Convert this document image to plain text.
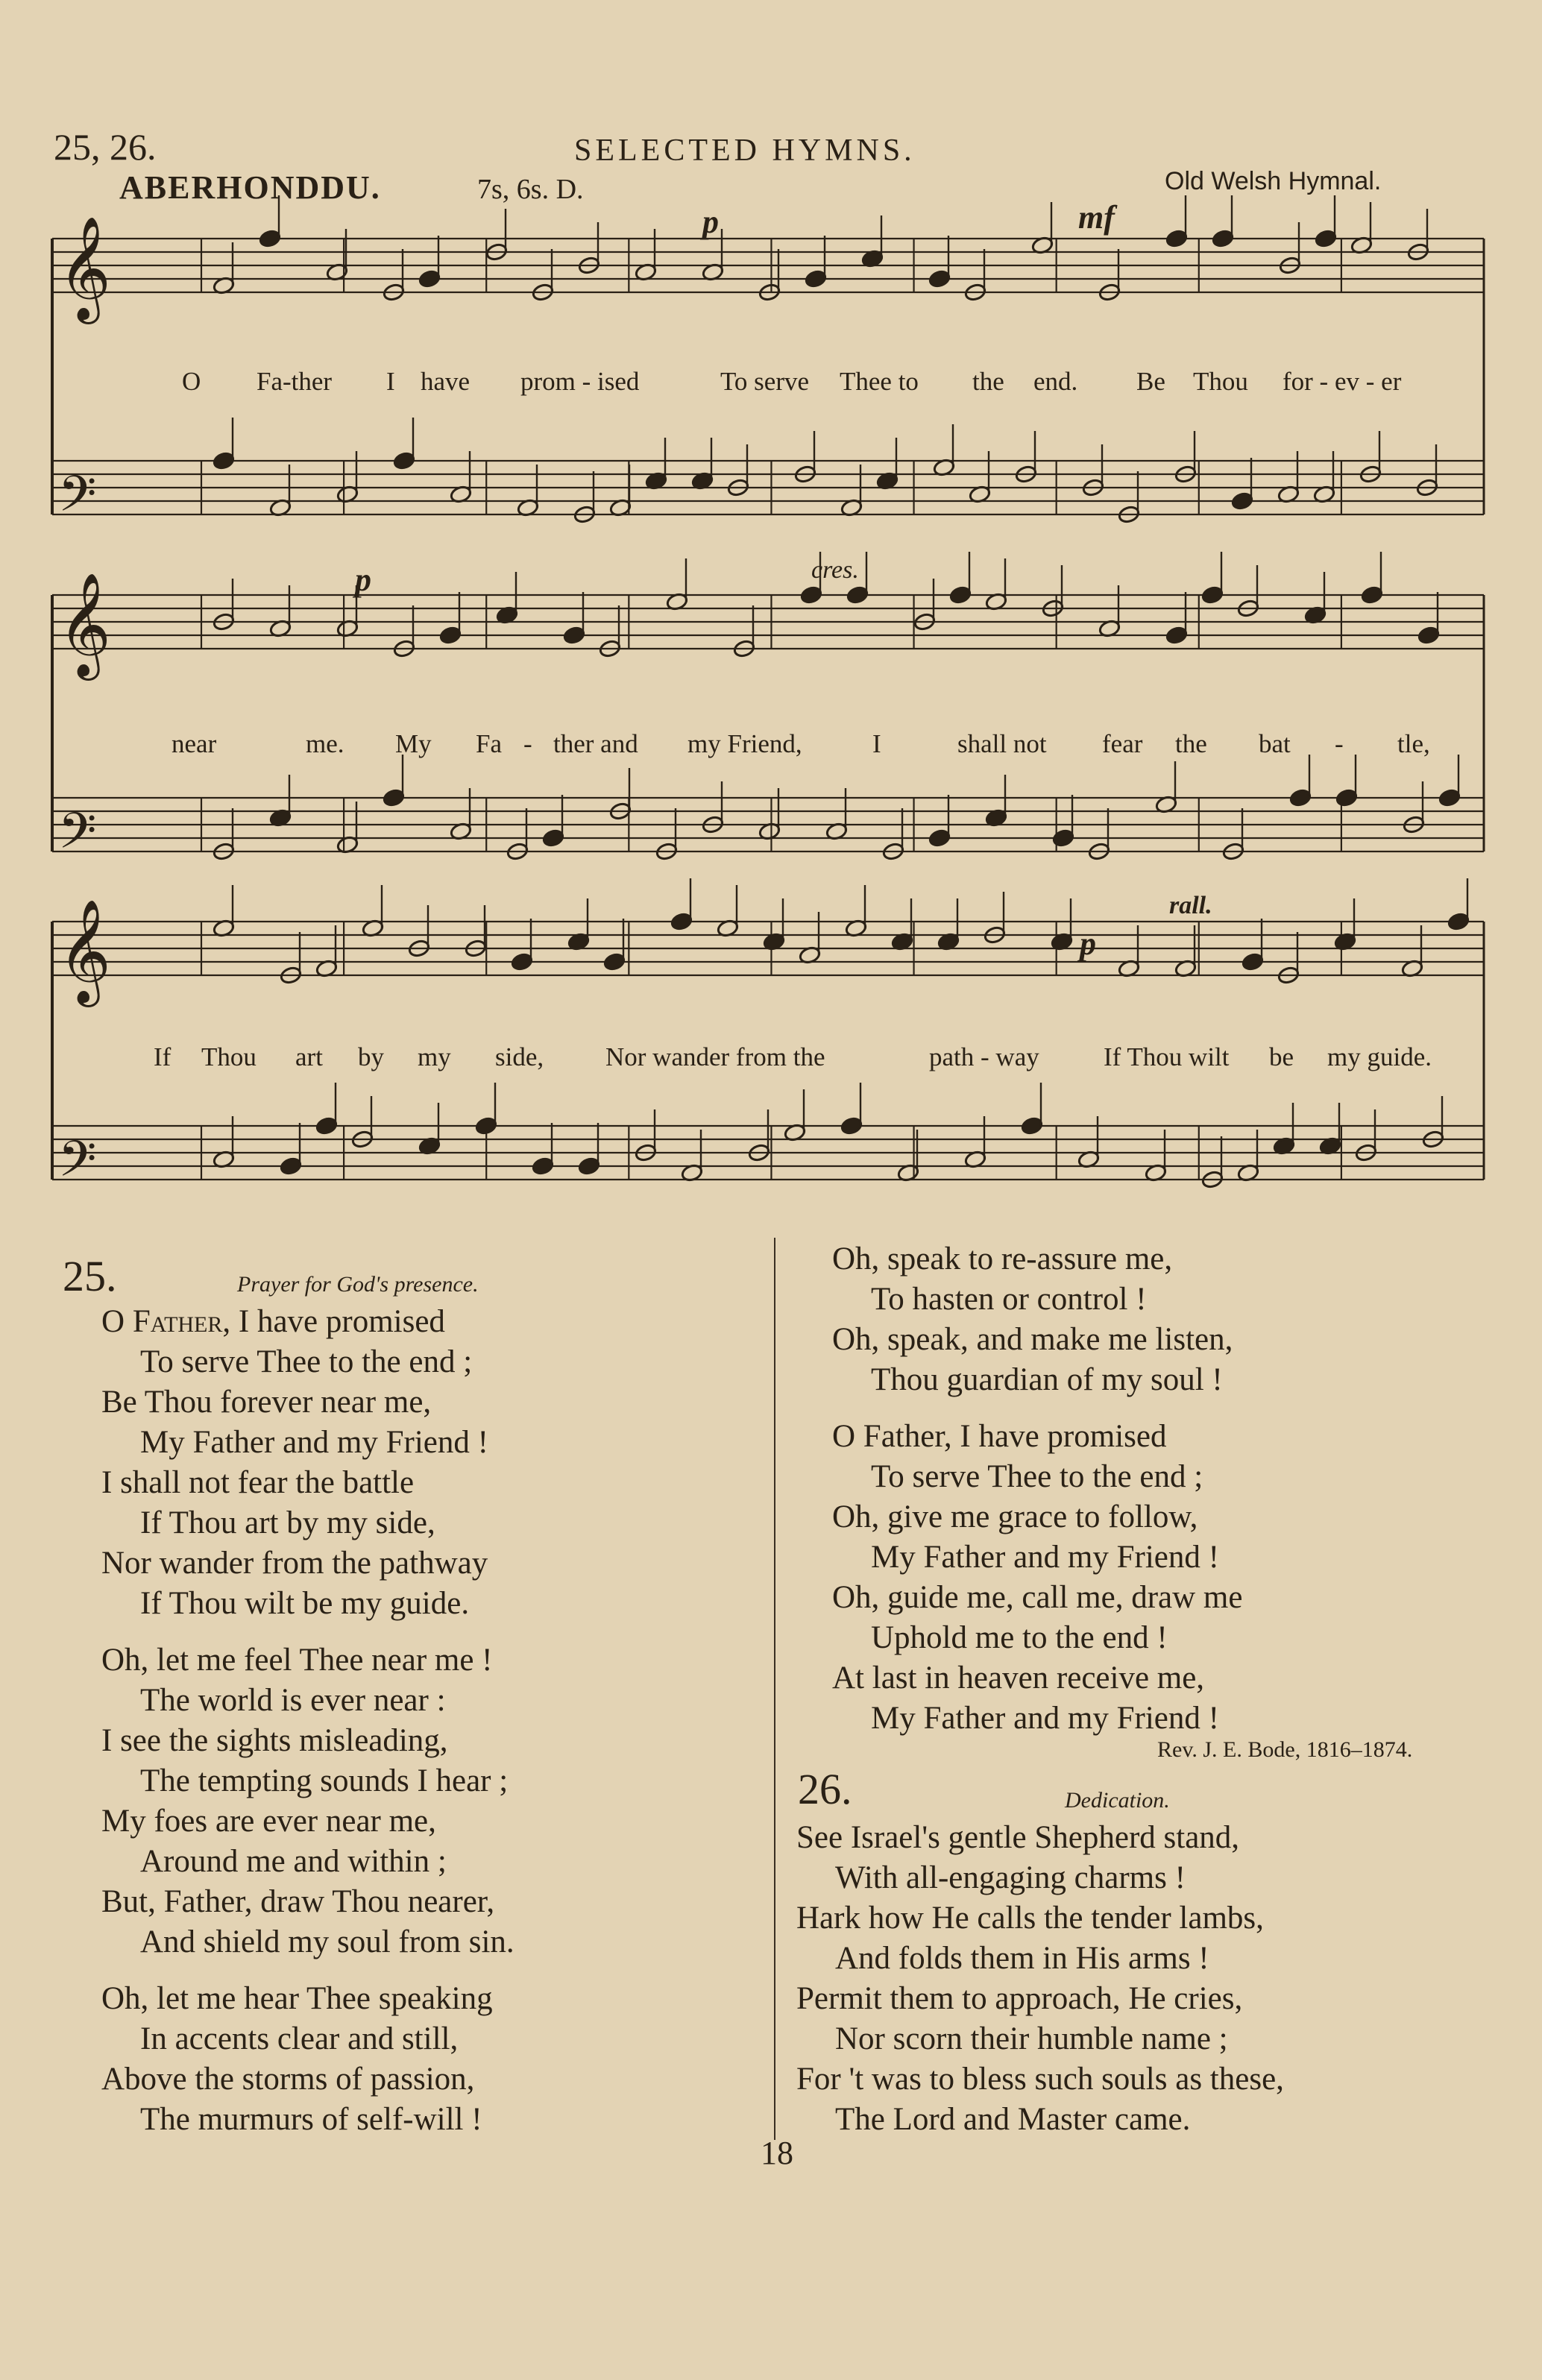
25, 26.	SELECTED HYMNS.
ABERHONDDU.	7s, 6s. D.	Old Welsh Hymnal.
𝄞
𝄢
𝄞
𝄢
𝄞
𝄢
p	mf
p	cres.
p
rall.
O Fa-ther I have prom - ised	To serve Thee to the end. Be Thou for - ev - er
near	me. My Fa - ther and my Friend,	I	shall not fear the bat - tle,
If Thou art by my side, Nor wander from the	path - way If Thou wilt be my guide.
25.	Prayer for God's presence.
O Father, I have promised
To serve Thee to the end ;
Be Thou forever near me,
My Father and my Friend !
I shall not fear the battle
If Thou art by my side,
Nor wander from the pathway
If Thou wilt be my guide.
Oh, let me feel Thee near me !
The world is ever near :
I see the sights misleading,
The tempting sounds I hear ;
My foes are ever near me,
Around me and within ;
But, Father, draw Thou nearer,
And shield my soul from sin.
Oh, let me hear Thee speaking
In accents clear and still,
Above the storms of passion,
The murmurs of self-will !
Oh, speak to re-assure me,
To hasten or control !
Oh, speak, and make me listen,
Thou guardian of my soul !
O Father, I have promised
To serve Thee to the end ;
Oh, give me grace to follow,
My Father and my Friend !
Oh, guide me, call me, draw me
Uphold me to the end !
At last in heaven receive me,
My Father and my Friend !
Rev. J. E. Bode, 1816–1874.
26.	Dedication.
See Israel's gentle Shepherd stand,
With all-engaging charms !
Hark how He calls the tender lambs,
And folds them in His arms !
Permit them to approach, He cries,
Nor scorn their humble name ;
For 't was to bless such souls as these,
The Lord and Master came.
18
